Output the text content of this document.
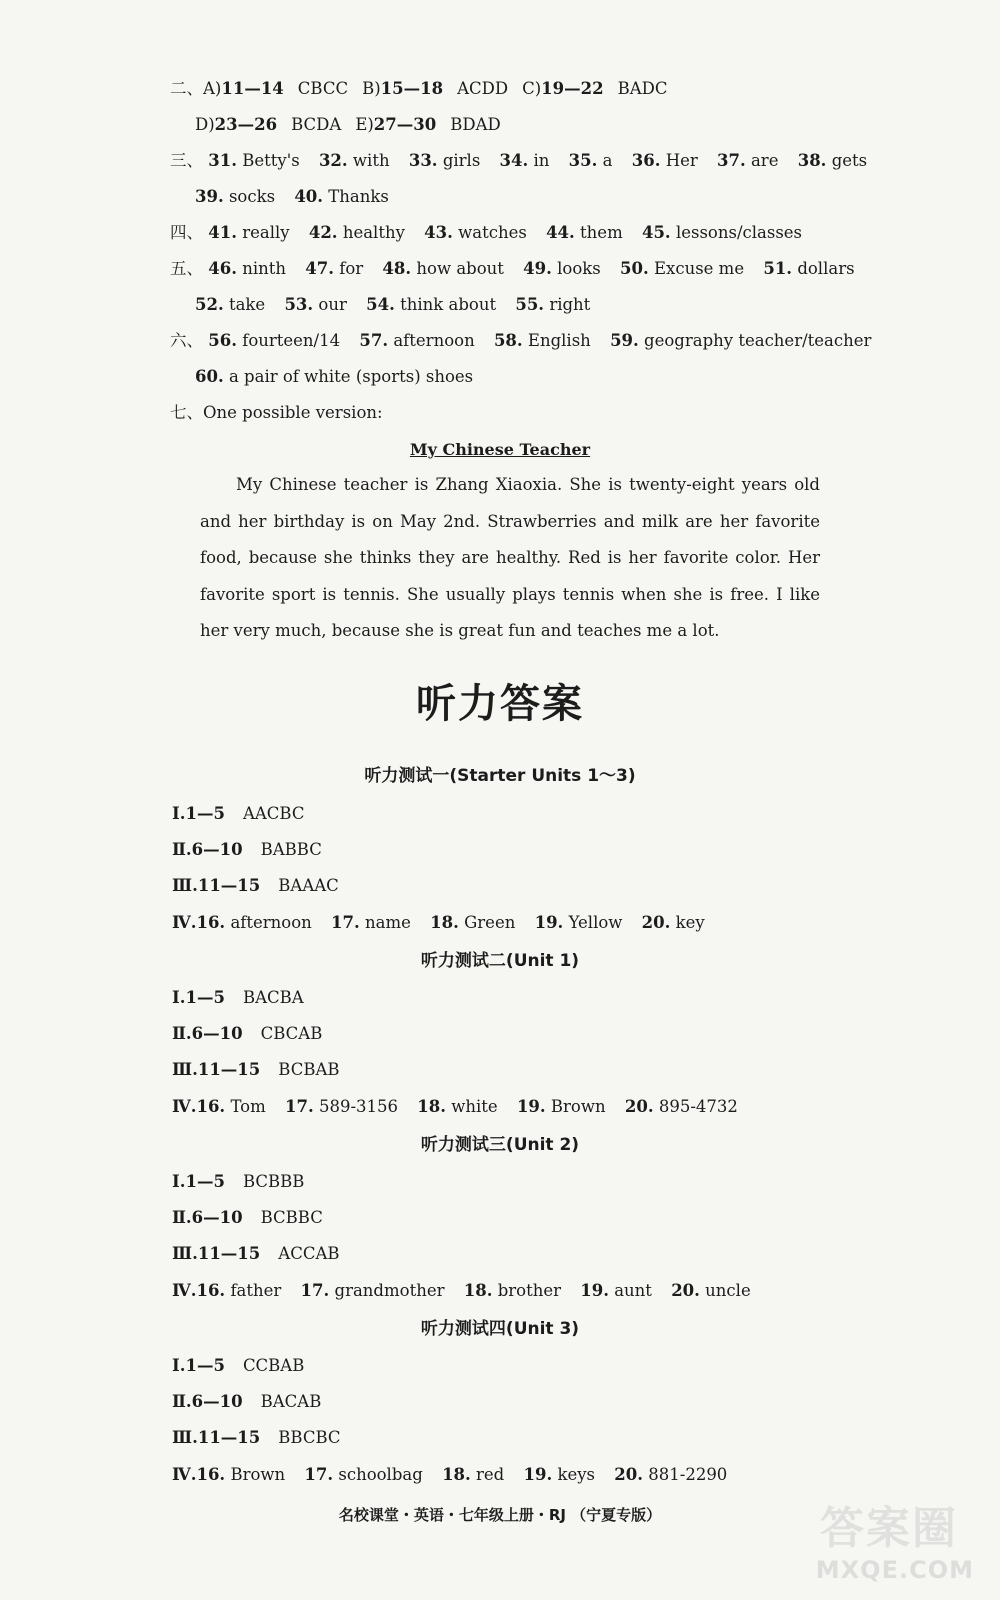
二、A)11—14 CBCC B)15—18 ACDD C)19—22 BADC
D)23—26 BCDA E)27—30 BDAD
三、 31. Betty's 32. with 33. girls 34. in 35. a 36. Her 37. are 38. gets
39. socks 40. Thanks
四、 41. really 42. healthy 43. watches 44. them 45. lessons/classes
五、 46. ninth 47. for 48. how about 49. looks 50. Excuse me 51. dollars
52. take 53. our 54. think about 55. right
六、 56. fourteen/14 57. afternoon 58. English 59. geography teacher/teacher
60. a pair of white (sports) shoes
七、One possible version:
My Chinese Teacher
My Chinese teacher is Zhang Xiaoxia. She is twenty-eight years old and her birthday is on May 2nd. Strawberries and milk are her favorite food, because she thinks they are healthy. Red is her favorite color. Her favorite sport is tennis. She usually plays tennis when she is free. I like her very much, because she is great fun and teaches me a lot.
听力答案
听力测试一(Starter Units 1～3)
Ⅰ.1—5 AACBC
Ⅱ.6—10 BABBC
Ⅲ.11—15 BAAAC
Ⅳ.16. afternoon 17. name 18. Green 19. Yellow 20. key
听力测试二(Unit 1)
Ⅰ.1—5 BACBA
Ⅱ.6—10 CBCAB
Ⅲ.11—15 BCBAB
Ⅳ.16. Tom 17. 589-3156 18. white 19. Brown 20. 895-4732
听力测试三(Unit 2)
Ⅰ.1—5 BCBBB
Ⅱ.6—10 BCBBC
Ⅲ.11—15 ACCAB
Ⅳ.16. father 17. grandmother 18. brother 19. aunt 20. uncle
听力测试四(Unit 3)
Ⅰ.1—5 CCBAB
Ⅱ.6—10 BACAB
Ⅲ.11—15 BBCBC
Ⅳ.16. Brown 17. schoolbag 18. red 19. keys 20. 881-2290
名校课堂・英语・七年级上册・RJ （宁夏专版）	答案圈
MXQE.COM
